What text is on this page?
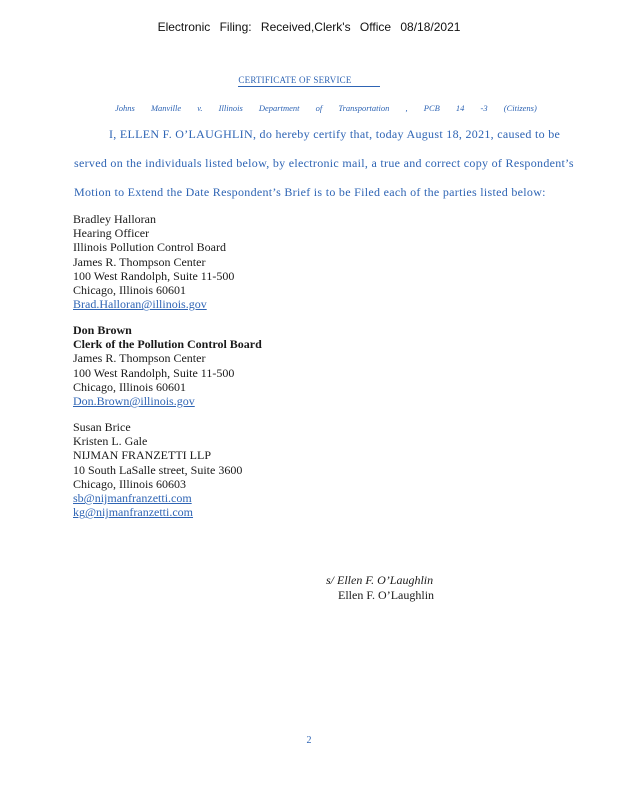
Electronic Filing: Received,Clerk's Office 08/18/2021
CERTIFICATE OF SERVICE
Johns Manville v. Illinois Department of Transportation , PCB 14 -3 (Citizens)
I, ELLEN F. O’LAUGHLIN, do hereby certify that, today August 18, 2021, caused to be
served on the individuals listed below, by electronic mail, a true and correct copy of Respondent’s
Motion to Extend the Date Respondent’s Brief is to be Filed each of the parties listed below:
Bradley Halloran
Hearing Officer
Illinois Pollution Control Board
James R. Thompson Center
100 West Randolph, Suite 11-500
Chicago, Illinois 60601
Brad.Halloran@illinois.gov
Don Brown
Clerk of the Pollution Control Board
James R. Thompson Center
100 West Randolph, Suite 11-500
Chicago, Illinois 60601
Don.Brown@illinois.gov
Susan Brice
Kristen L. Gale
NIJMAN FRANZETTI LLP
10 South LaSalle street, Suite 3600
Chicago, Illinois 60603
sb@nijmanfranzetti.com
kg@nijmanfranzetti.com
s/ Ellen F. O’Laughlin
Ellen F. O’Laughlin
2
